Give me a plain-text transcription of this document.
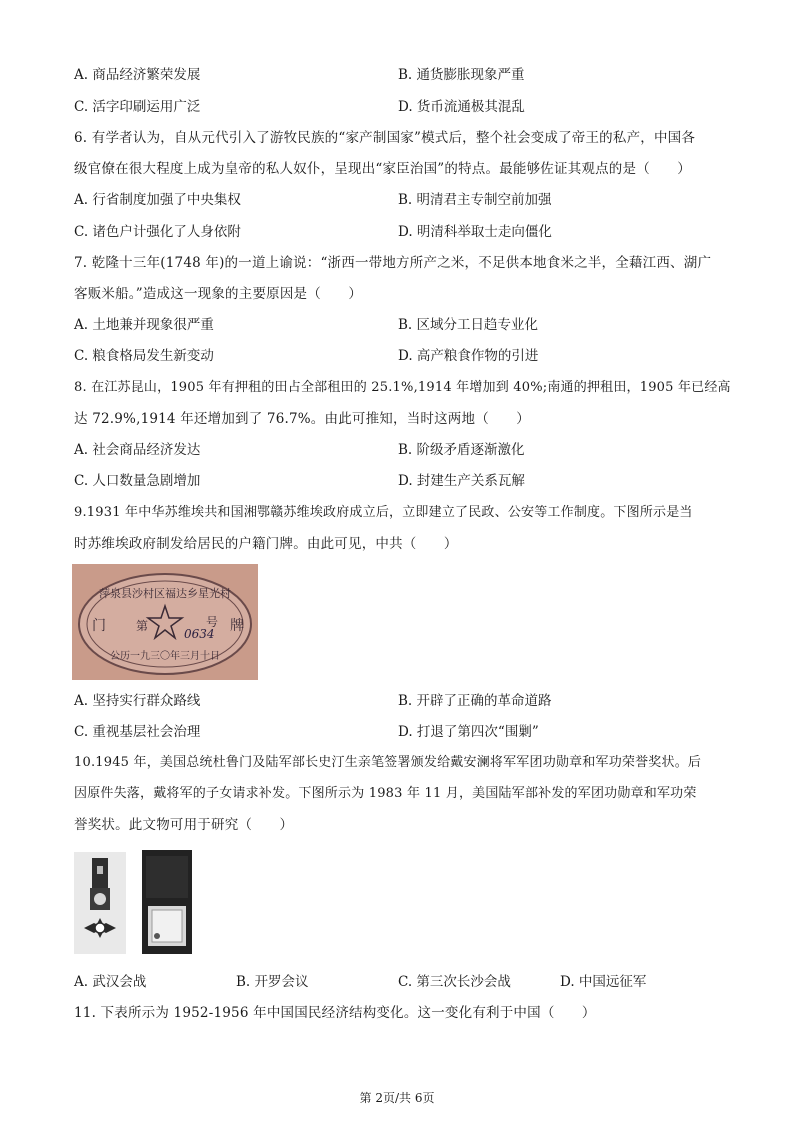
A. 商品经济繁荣发展	B. 通货膨胀现象严重
C. 活字印刷运用广泛	D. 货币流通极其混乱
6. 有学者认为，自从元代引入了游牧民族的“家产制国家”模式后，整个社会变成了帝王的私产，中国各
级官僚在很大程度上成为皇帝的私人奴仆，呈现出“家臣治国”的特点。最能够佐证其观点的是（　　）
A. 行省制度加强了中央集权	B. 明清君主专制空前加强
C. 诸色户计强化了人身依附	D. 明清科举取士走向僵化
7. 乾隆十三年(1748 年)的一道上谕说：“浙西一带地方所产之米，不足供本地食米之半，全藉江西、湖广
客贩米船。”造成这一现象的主要原因是（　　）
A. 土地兼并现象很严重	B. 区域分工日趋专业化
C. 粮食格局发生新变动	D. 高产粮食作物的引进
8. 在江苏昆山，1905 年有押租的田占全部租田的 25.1%,1914 年增加到 40%;南通的押租田，1905 年已经高
达 72.9%,1914 年还增加到了 76.7%。由此可推知，当时这两地（　　）
A. 社会商品经济发达	B. 阶级矛盾逐渐激化
C. 人口数量急剧增加	D. 封建生产关系瓦解
9.1931 年中华苏维埃共和国湘鄂赣苏维埃政府成立后，立即建立了民政、公安等工作制度。下图所示是当
时苏维埃政府制发给居民的户籍门牌。由此可见，中共（　　）
萍泉县沙村区福达乡星光村
门	牌
第
0634
号
公历一九三〇年三月十日
A. 坚持实行群众路线	B. 开辟了正确的革命道路
C. 重视基层社会治理	D. 打退了第四次“围剿”
10.1945 年，美国总统杜鲁门及陆军部长史汀生亲笔签署颁发给戴安澜将军军团功勋章和军功荣誉奖状。后
因原件失落，戴将军的子女请求补发。下图所示为 1983 年 11 月，美国陆军部补发的军团功勋章和军功荣
誉奖状。此文物可用于研究（　　）
A. 武汉会战	B. 开罗会议	C. 第三次长沙会战	D. 中国远征军
11. 下表所示为 1952-1956 年中国国民经济结构变化。这一变化有利于中国（　　）
第 2页/共 6页
